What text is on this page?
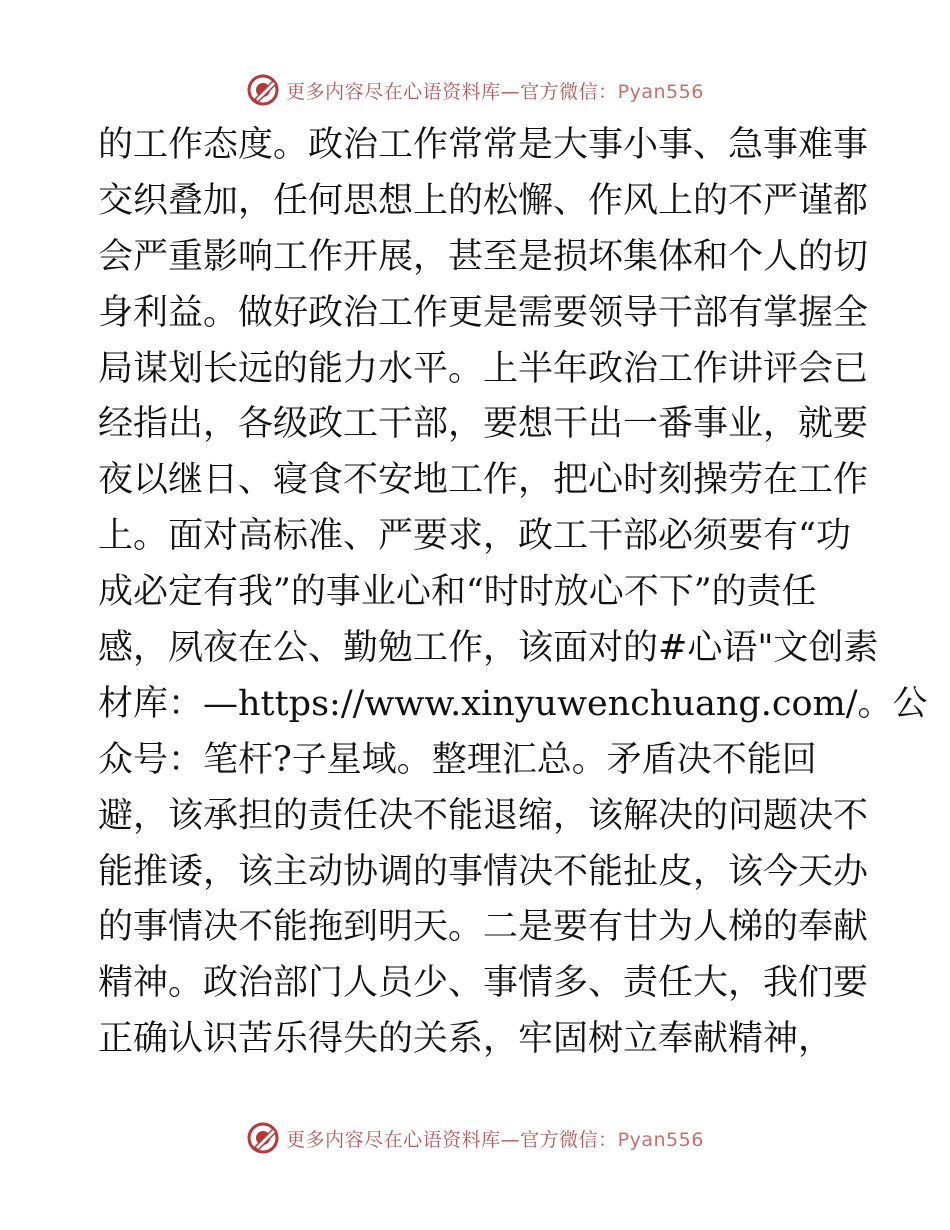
更多内容尽在心语资料库—官方微信：Pyan556
的工作态度。政治工作常常是大事小事、急事难事
交织叠加，任何思想上的松懈、作风上的不严谨都
会严重影响工作开展，甚至是损坏集体和个人的切
身利益。做好政治工作更是需要领导干部有掌握全
局谋划长远的能力水平。上半年政治工作讲评会已
经指出，各级政工干部，要想干出一番事业，就要
夜以继日、寝食不安地工作，把心时刻操劳在工作
上。面对高标准、严要求，政工干部必须要有“功
成必定有我”的事业心和“时时放心不下”的责任
感，夙夜在公、勤勉工作，该面对的#心语"文创素
材库：—https://www.xinyuwenchuang.com/。公
众号：笔杆?子星域。整理汇总。矛盾决不能回
避，该承担的责任决不能退缩，该解决的问题决不
能推诿，该主动协调的事情决不能扯皮，该今天办
的事情决不能拖到明天。二是要有甘为人梯的奉献
精神。政治部门人员少、事情多、责任大，我们要
正确认识苦乐得失的关系，牢固树立奉献精神，
更多内容尽在心语资料库—官方微信：Pyan556
